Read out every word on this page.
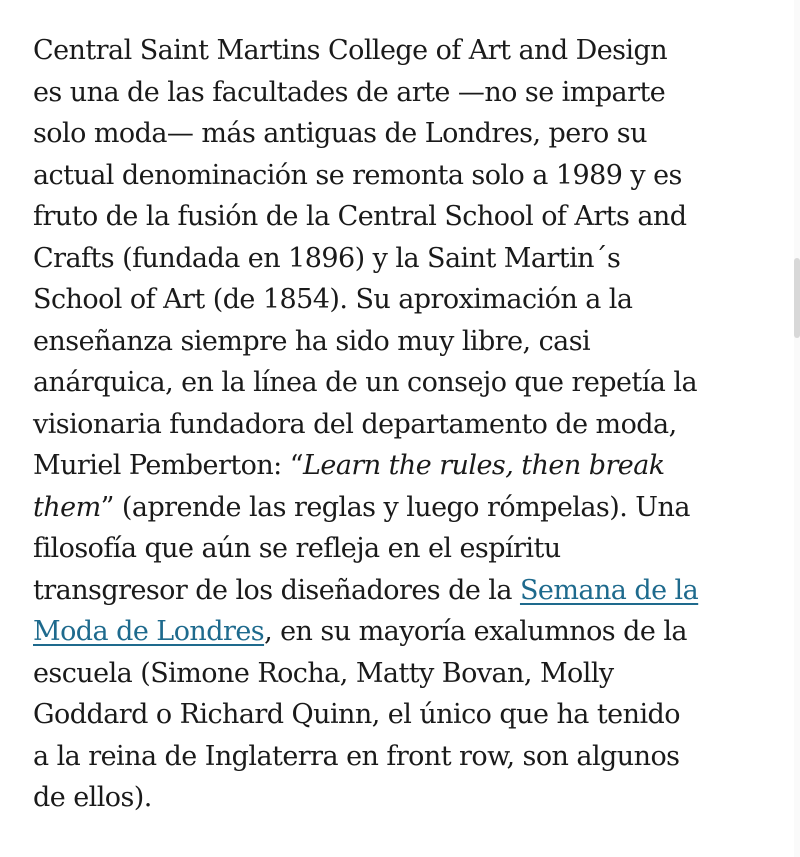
Central Saint Martins College of Art and Design
es una de las facultades de arte —no se imparte
solo moda— más antiguas de Londres, pero su
actual denominación se remonta solo a 1989 y es
fruto de la fusión de la Central School of Arts and
Crafts (fundada en 1896) y la Saint Martin´s
School of Art (de 1854). Su aproximación a la
enseñanza siempre ha sido muy libre, casi
anárquica, en la línea de un consejo que repetía la
visionaria fundadora del departamento de moda,
Muriel Pemberton: “Learn the rules, then break
them” (aprende las reglas y luego rómpelas). Una
filosofía que aún se refleja en el espíritu
transgresor de los diseñadores de la Semana de la
Moda de Londres, en su mayoría exalumnos de la
escuela (Simone Rocha, Matty Bovan, Molly
Goddard o Richard Quinn, el único que ha tenido
a la reina de Inglaterra en front row, son algunos
de ellos).
